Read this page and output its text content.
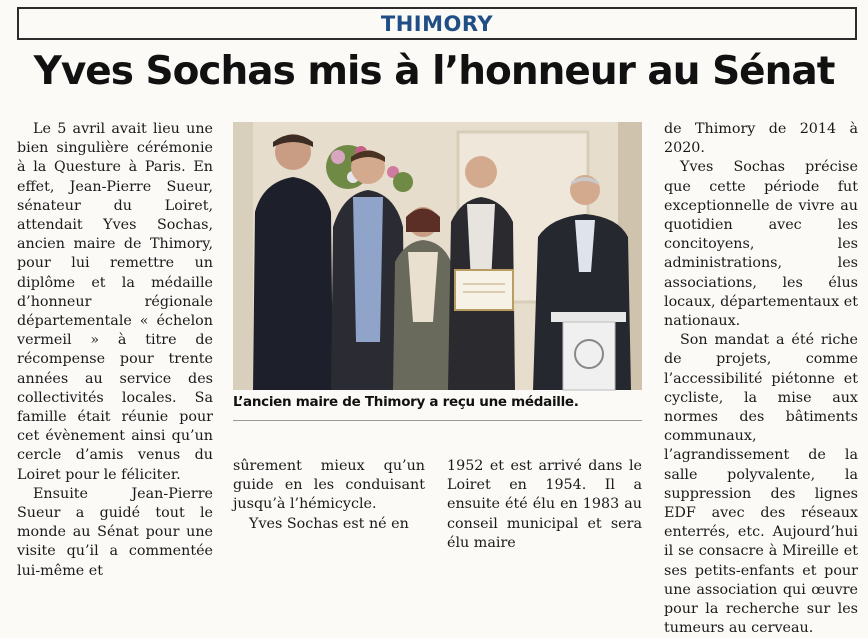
THIMORY
Yves Sochas mis à l’honneur au Sénat

Le 5 avril avait lieu une bien singulière cérémonie à la Questure à Paris. En effet, Jean-Pierre Sueur, sénateur du Loiret, attendait Yves Sochas, ancien maire de Thimory, pour lui remettre un diplôme et la médaille d’honneur régionale départementale « échelon vermeil » à titre de récompense pour trente années au service des collectivités locales. Sa famille était réunie pour cet évènement ainsi qu’un cercle d’amis venus du Loiret pour le féliciter.

Ensuite Jean-Pierre Sueur a guidé tout le monde au Sénat pour une visite qu’il a commentée lui-même et

L’ancien maire de Thimory a reçu une médaille.

sûrement mieux qu’un guide en les conduisant jusqu’à l’hémicycle.

Yves Sochas est né en

1952 et est arrivé dans le Loiret en 1954. Il a ensuite été élu en 1983 au conseil municipal et sera élu maire

de Thimory de 2014 à 2020.

Yves Sochas précise que cette période fut exceptionnelle de vivre au quotidien avec les concitoyens, les administrations, les associations, les élus locaux, départementaux et nationaux.

Son mandat a été riche de projets, comme l’accessibilité piétonne et cycliste, la mise aux normes des bâtiments communaux, l’agrandissement de la salle polyvalente, la suppression des lignes EDF avec des réseaux enterrés, etc. Aujourd’hui il se consacre à Mireille et ses petits-enfants et pour une association qui œuvre pour la recherche sur les tumeurs au cerveau.
